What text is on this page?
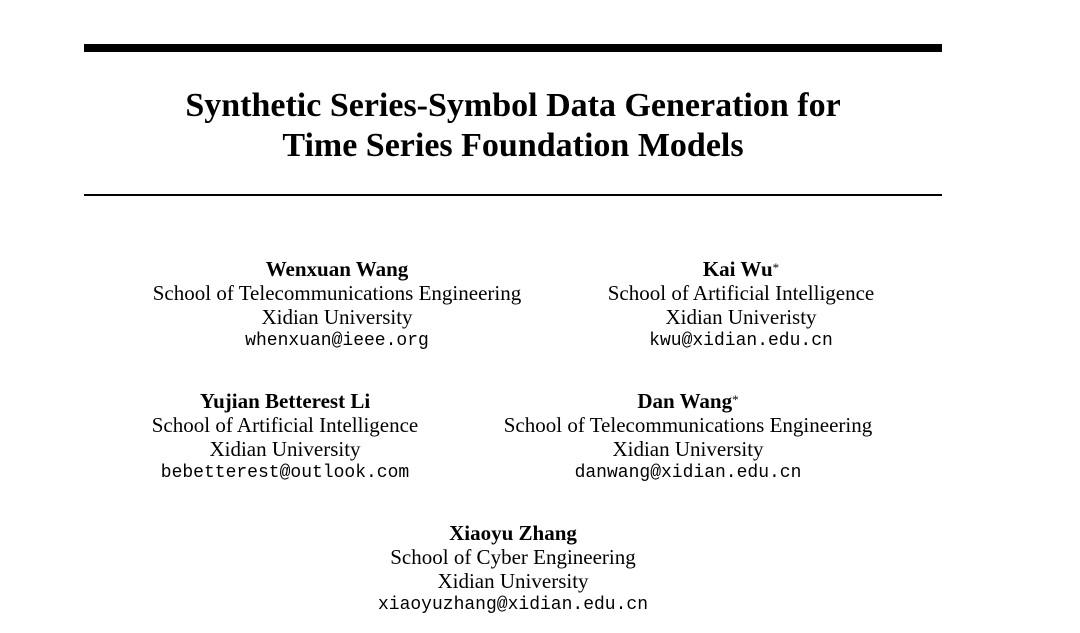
Synthetic Series-Symbol Data Generation for
Time Series Foundation Models
Wenxuan Wang
School of Telecommunications Engineering
Xidian University
whenxuan@ieee.org
Kai Wu*
School of Artificial Intelligence
Xidian Univeristy
kwu@xidian.edu.cn
Yujian Betterest Li
School of Artificial Intelligence
Xidian University
bebetterest@outlook.com
Dan Wang*
School of Telecommunications Engineering
Xidian University
danwang@xidian.edu.cn
Xiaoyu Zhang
School of Cyber Engineering
Xidian University
xiaoyuzhang@xidian.edu.cn
